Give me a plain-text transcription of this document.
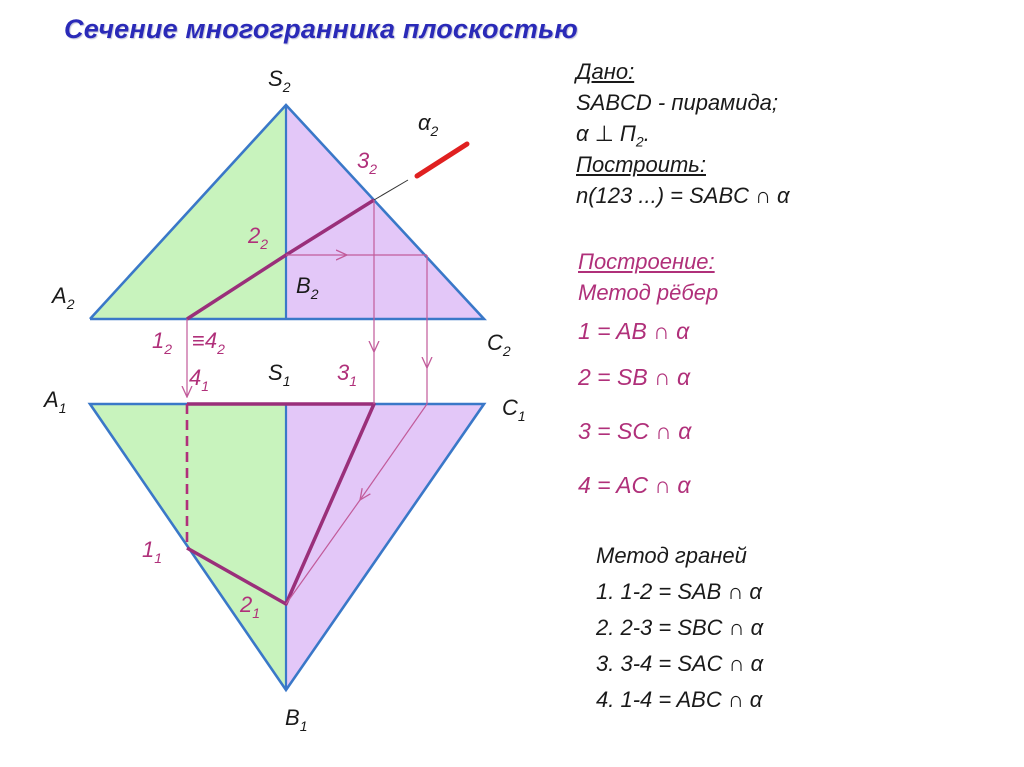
Сечение многогранника плоскостью
$S_2$
$\alpha_2$
$3_2$
$2_2$
$A_2$
$B_2$
$C_2$
$1_2 \equiv 4_2$
$S_1$ $3_1$
$4_1$
$A_1$	$C_1$
$1_1$
$2_1$
$B_1$
Дано:
SABCD - пирамида;
α ⊥ $П_2$.
Построить:
n(123 ...) = SABC ∩ α
Построение:
Метод рёбер
1 = AB ∩ α
2 = SB ∩ α
3 = SC ∩ α
4 = AC ∩ α
Метод граней
1. 1-2 = SAB ∩ α
2. 2-3 = SBC ∩ α
3. 3-4 = SAC ∩ α
4. 1-4 = ABC ∩ α
